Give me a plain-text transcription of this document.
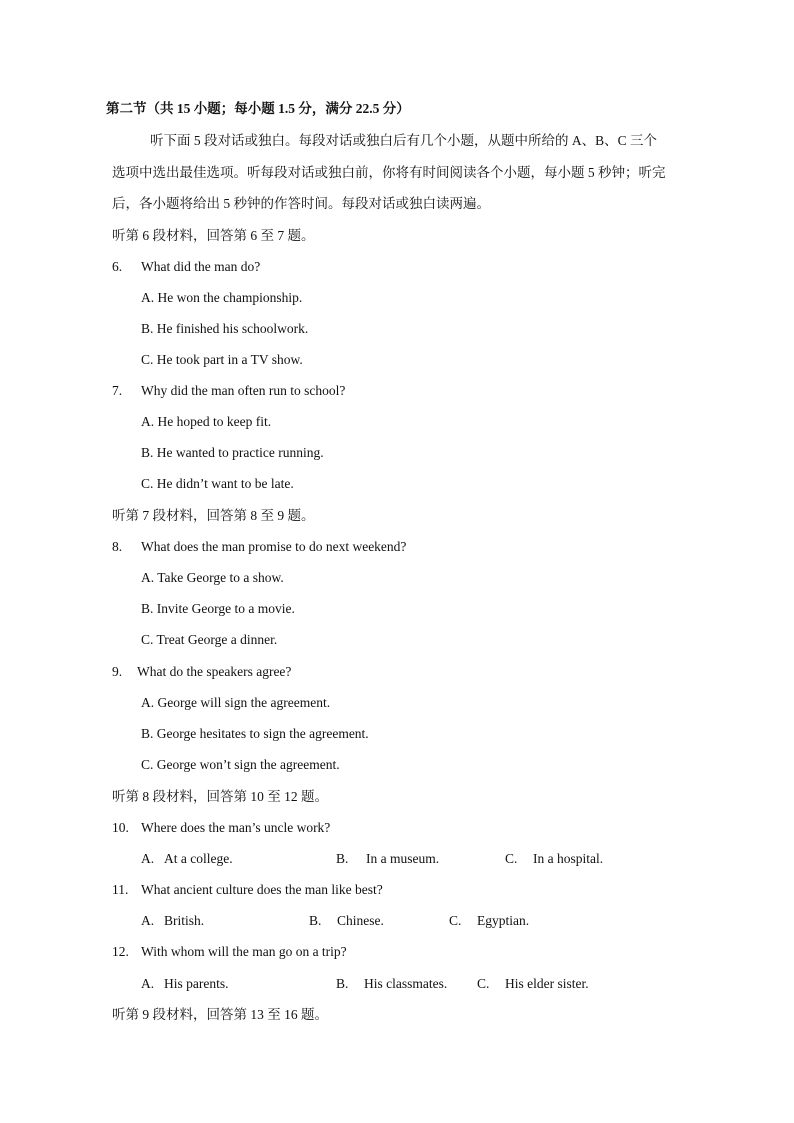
第二节（共 15 小题；每小题 1.5 分，满分 22.5 分）
听下面 5 段对话或独白。每段对话或独白后有几个小题，从题中所给的 A、B、C 三个
选项中选出最佳选项。听每段对话或独白前，你将有时间阅读各个小题，每小题 5 秒钟；听完
后，各小题将给出 5 秒钟的作答时间。每段对话或独白读两遍。
听第 6 段材料，回答第 6 至 7 题。
6. What did the man do?
A. He won the championship.
B. He finished his schoolwork.
C. He took part in a TV show.
7. Why did the man often run to school?
A. He hoped to keep fit.
B. He wanted to practice running.
C. He didn’t want to be late.
听第 7 段材料，回答第 8 至 9 题。
8. What does the man promise to do next weekend?
A. Take George to a show.
B. Invite George to a movie.
C. Treat George a dinner.
9. What do the speakers agree?
A. George will sign the agreement.
B. George hesitates to sign the agreement.
C. George won’t sign the agreement.
听第 8 段材料，回答第 10 至 12 题。
10. Where does the man’s uncle work?
A. At a college.	B. In a museum.	C. In a hospital.
11. What ancient culture does the man like best?
A. British.	B. Chinese.	C. Egyptian.
12. With whom will the man go on a trip?
A. His parents.	B. His classmates. C. His elder sister.
听第 9 段材料，回答第 13 至 16 题。
